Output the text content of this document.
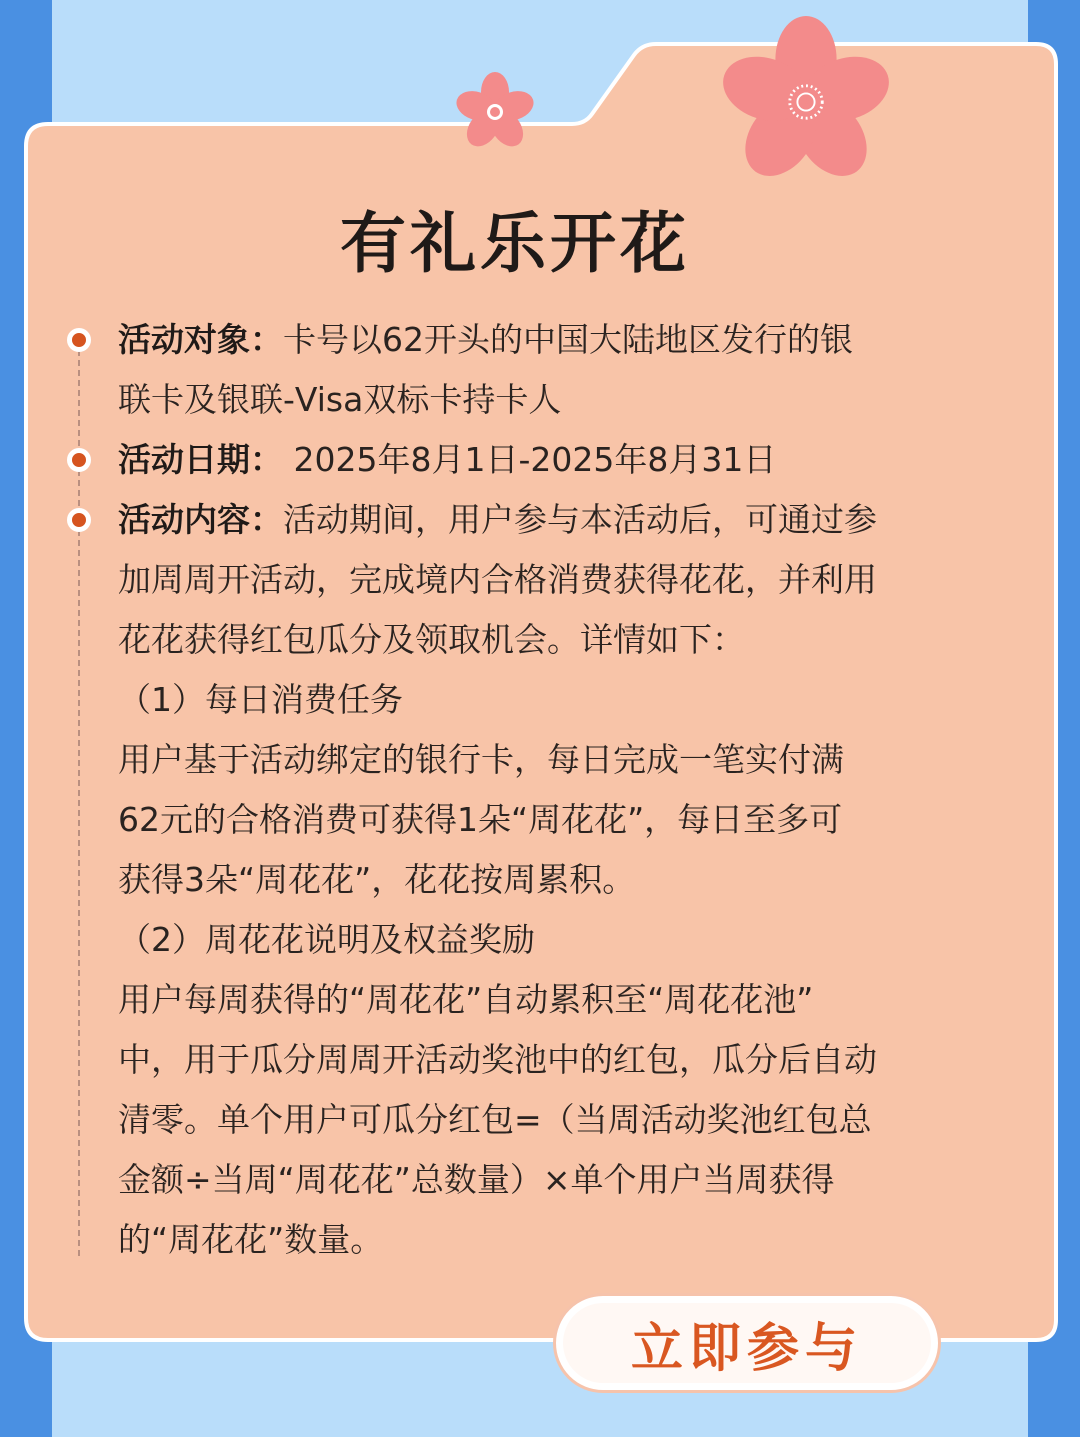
有礼乐开花

活动对象：卡号以62开头的中国大陆地区发行的银

联卡及银联-Visa双标卡持卡人

活动日期： 2025年8月1日-2025年8月31日

活动内容：活动期间，用户参与本活动后，可通过参

加周周开活动，完成境内合格消费获得花花，并利用

花花获得红包瓜分及领取机会。详情如下：

（1）每日消费任务

用户基于活动绑定的银行卡，每日完成一笔实付满

62元的合格消费可获得1朵“周花花”，每日至多可

获得3朵“周花花”，花花按周累积。

（2）周花花说明及权益奖励

用户每周获得的“周花花”自动累积至“周花花池”

中，用于瓜分周周开活动奖池中的红包，瓜分后自动

清零。单个用户可瓜分红包=（当周活动奖池红包总

金额÷当周“周花花”总数量）×单个用户当周获得

的“周花花”数量。

立即参与
